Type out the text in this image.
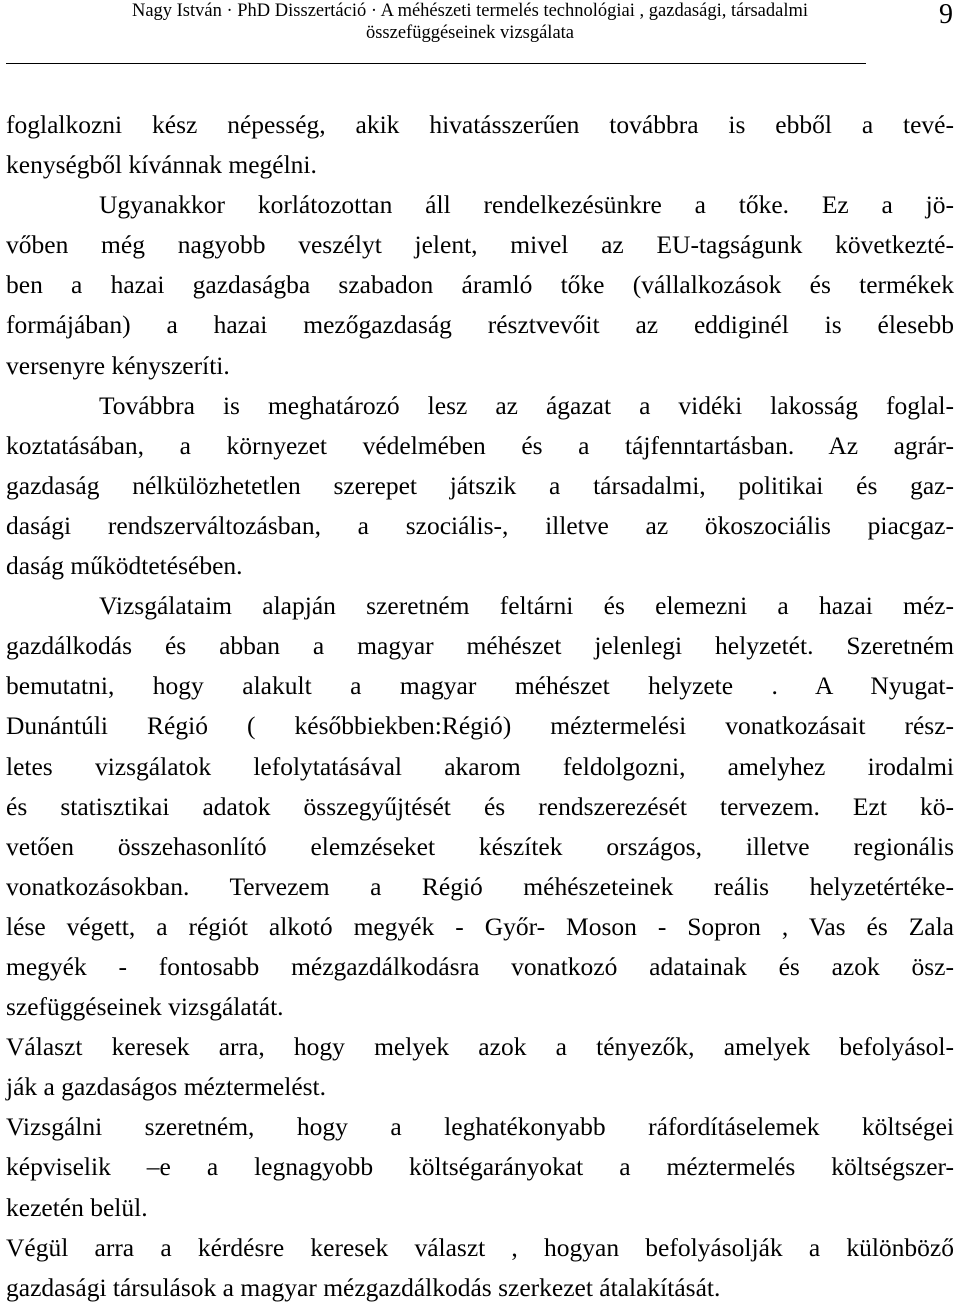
Nagy István · PhD Disszertáció · A méhészeti termelés technológiai , gazdasági, társadalmi
összefüggéseinek vizsgálata
9
foglalkozni kész népesség, akik hivatásszerűen továbbra is ebből a tevé-
kenységből kívánnak megélni.
Ugyanakkor korlátozottan áll rendelkezésünkre a tőke. Ez a jö-
vőben még nagyobb veszélyt jelent, mivel az EU-tagságunk következté-
ben a hazai gazdaságba szabadon áramló tőke (vállalkozások és termékek
formájában) a hazai mezőgazdaság résztvevőit az eddiginél is élesebb
versenyre kényszeríti.
Továbbra is meghatározó lesz az ágazat a vidéki lakosság foglal-
koztatásában, a környezet védelmében és a tájfenntartásban. Az agrár-
gazdaság nélkülözhetetlen szerepet játszik a társadalmi, politikai és gaz-
dasági rendszerváltozásban, a szociális-, illetve az ökoszociális piacgaz-
daság működtetésében.
Vizsgálataim alapján szeretném feltárni és elemezni a hazai méz-
gazdálkodás és abban a magyar méhészet jelenlegi helyzetét. Szeretném
bemutatni, hogy alakult a magyar méhészet helyzete . A Nyugat-
Dunántúli Régió ( későbbiekben:Régió) méztermelési vonatkozásait rész-
letes vizsgálatok lefolytatásával akarom feldolgozni, amelyhez irodalmi
és statisztikai adatok összegyűjtését és rendszerezését tervezem. Ezt kö-
vetően összehasonlító elemzéseket készítek országos, illetve regionális
vonatkozásokban. Tervezem a Régió méhészeteinek reális helyzetértéke-
lése végett, a régiót alkotó megyék - Győr- Moson - Sopron , Vas és Zala
megyék - fontosabb mézgazdálkodásra vonatkozó adatainak és azok ösz-
szefüggéseinek vizsgálatát.
Választ keresek arra, hogy melyek azok a tényezők, amelyek befolyásol-
ják a gazdaságos méztermelést.
Vizsgálni szeretném, hogy a leghatékonyabb ráfordításelemek költségei
képviselik –e a legnagyobb költségarányokat a méztermelés költségszer-
kezetén belül.
Végül arra a kérdésre keresek választ , hogyan befolyásolják a különböző
gazdasági társulások a magyar mézgazdálkodás szerkezet átalakítását.
